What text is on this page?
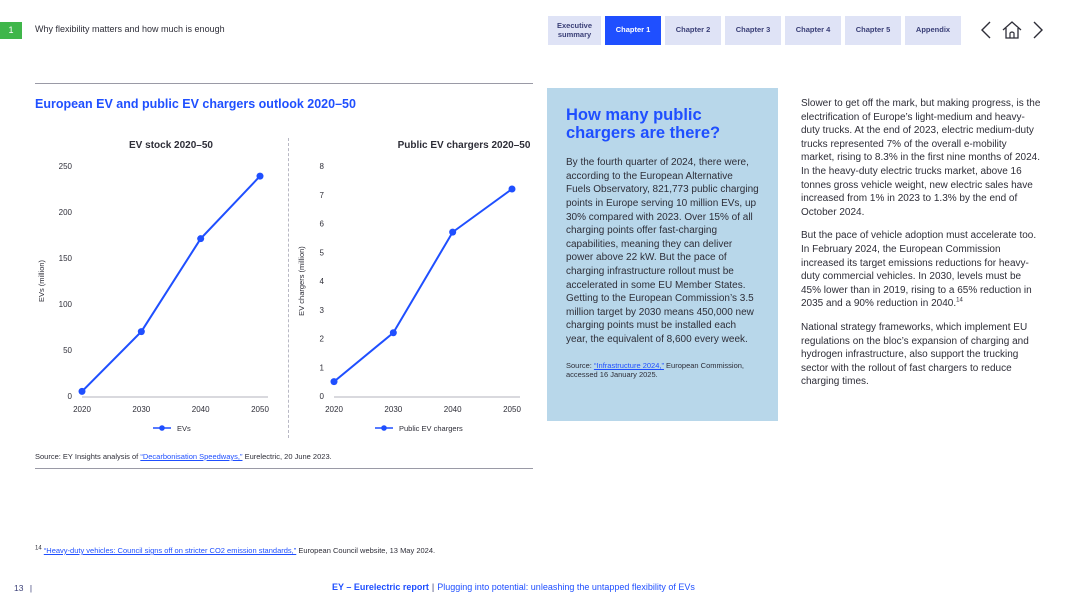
1	Why flexibility matters and how much is enough	Executive
summary	Chapter 1	Chapter 2	Chapter 3	Chapter 4	Chapter 5	Appendix
European EV and public EV chargers outlook 2020–50
EV stock 2020–50
EVs (million)
0
50
100
150
200
250
2020	2030	2040	2050
EVs
Public EV chargers 2020–50
EV chargers (million)
0
1
2
3
4
5
6
7
8
2020	2030	2040	2050
Public EV chargers
Source: EY Insights analysis of “Decarbonisation Speedways,” Eurelectric, 20 June 2023.
How many public chargers are there?
By the fourth quarter of 2024, there were, according to the European Alternative Fuels Observatory, 821,773 public charging points in Europe serving 10 million EVs, up 30% compared with 2023. Over 15% of all charging points offer fast-charging capabilities, meaning they can deliver power above 22 kW. But the pace of charging infrastructure rollout must be accelerated in some EU Member States. Getting to the European Commission’s 3.5 million target by 2030 means 450,000 new charging points must be installed each year, the equivalent of 8,600 every week.
Source: “Infrastructure 2024,” European Commission, accessed 16 January 2025.

Slower to get off the mark, but making progress, is the electrification of Europe’s light-medium and heavy-duty trucks. At the end of 2023, electric medium-duty trucks represented 7% of the overall e-mobility market, rising to 8.3% in the first nine months of 2024. In the heavy-duty electric trucks market, above 16 tonnes gross vehicle weight, new electric sales have increased from 1% in 2023 to 1.3% by the end of October 2024.

But the pace of vehicle adoption must accelerate too. In February 2024, the European Commission increased its target emissions reductions for heavy-duty commercial vehicles. In 2030, levels must be 45% lower than in 2019, rising to a 65% reduction in 2035 and a 90% reduction in 2040.14

National strategy frameworks, which implement EU regulations on the bloc’s expansion of charging and hydrogen infrastructure, also support the trucking sector with the rollout of fast chargers to reduce charging times.

$^{14}$ “Heavy-duty vehicles: Council signs off on stricter CO2 emission standards,” European Council website, 13 May 2024.
13 |	EY – Eurelectric report | Plugging into potential: unleashing the untapped flexibility of EVs
